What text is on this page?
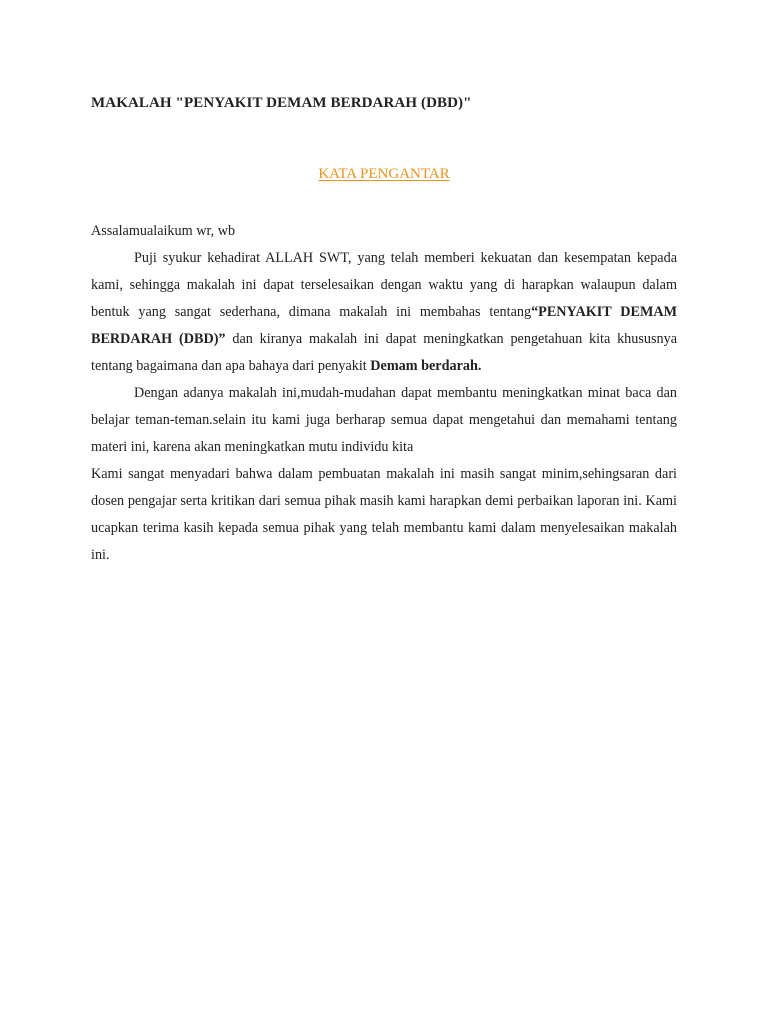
MAKALAH "PENYAKIT DEMAM BERDARAH (DBD)"
KATA PENGANTAR

Assalamualaikum wr, wb

Puji syukur kehadirat ALLAH SWT, yang telah memberi kekuatan dan kesempatan kepada kami, sehingga makalah ini dapat terselesaikan dengan waktu yang di harapkan walaupun dalam bentuk yang sangat sederhana, dimana makalah ini membahas tentang“PENYAKIT DEMAM BERDARAH (DBD)” dan kiranya makalah ini dapat meningkatkan pengetahuan kita khususnya tentang bagaimana dan apa bahaya dari penyakit Demam berdarah.

Dengan adanya makalah ini,mudah-mudahan dapat membantu meningkatkan minat baca dan belajar teman-teman.selain itu kami juga berharap semua dapat mengetahui dan memahami tentang materi ini, karena akan meningkatkan mutu individu kita

Kami sangat menyadari bahwa dalam pembuatan makalah ini masih sangat minim,sehingsaran dari dosen pengajar serta kritikan dari semua pihak masih kami harapkan demi perbaikan laporan ini. Kami ucapkan terima kasih kepada semua pihak yang telah membantu kami dalam menyelesaikan makalah ini.
